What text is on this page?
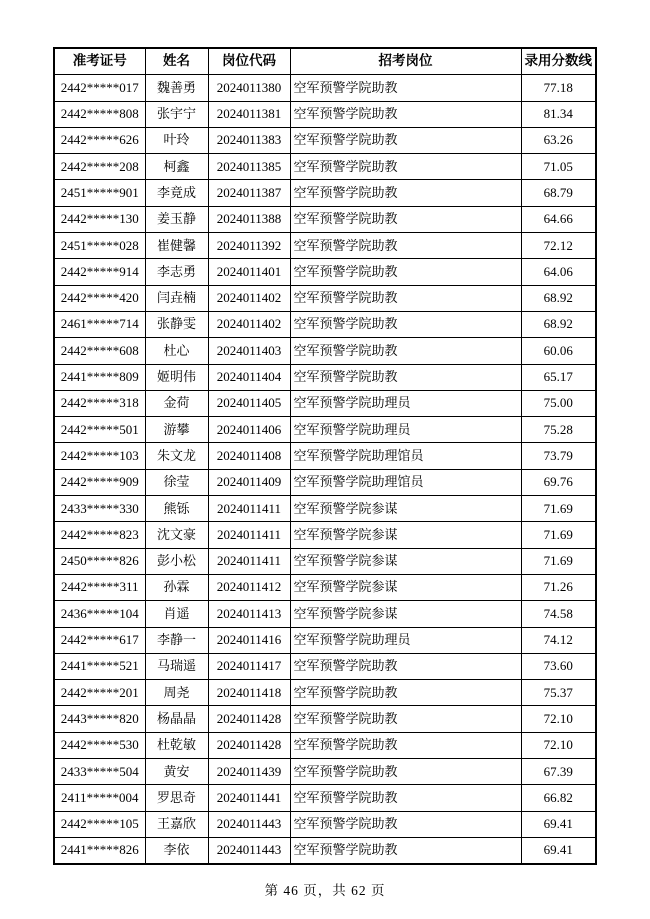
准考证号	姓名	岗位代码	招考岗位	录用分数线
2442*****017	魏善勇	2024011380	空军预警学院助教	77.18
2442*****808	张宇宁	2024011381	空军预警学院助教	81.34
2442*****626	叶玲	2024011383	空军预警学院助教	63.26
2442*****208	柯鑫	2024011385	空军预警学院助教	71.05
2451*****901	李竟成	2024011387	空军预警学院助教	68.79
2442*****130	姜玉静	2024011388	空军预警学院助教	64.66
2451*****028	崔健馨	2024011392	空军预警学院助教	72.12
2442*****914	李志勇	2024011401	空军预警学院助教	64.06
2442*****420	闫垚楠	2024011402	空军预警学院助教	68.92
2461*****714	张静雯	2024011402	空军预警学院助教	68.92
2442*****608	杜心	2024011403	空军预警学院助教	60.06
2441*****809	姬明伟	2024011404	空军预警学院助教	65.17
2442*****318	金荷	2024011405	空军预警学院助理员	75.00
2442*****501	游攀	2024011406	空军预警学院助理员	75.28
2442*****103	朱文龙	2024011408	空军预警学院助理馆员	73.79
2442*****909	徐莹	2024011409	空军预警学院助理馆员	69.76
2433*****330	熊铄	2024011411	空军预警学院参谋	71.69
2442*****823	沈文豪	2024011411	空军预警学院参谋	71.69
2450*****826	彭小松	2024011411	空军预警学院参谋	71.69
2442*****311	孙霖	2024011412	空军预警学院参谋	71.26
2436*****104	肖遥	2024011413	空军预警学院参谋	74.58
2442*****617	李静一	2024011416	空军预警学院助理员	74.12
2441*****521	马瑞遥	2024011417	空军预警学院助教	73.60
2442*****201	周尧	2024011418	空军预警学院助教	75.37
2443*****820	杨晶晶	2024011428	空军预警学院助教	72.10
2442*****530	杜乾敏	2024011428	空军预警学院助教	72.10
2433*****504	黄安	2024011439	空军预警学院助教	67.39
2411*****004	罗思奇	2024011441	空军预警学院助教	66.82
2442*****105	王嘉欣	2024011443	空军预警学院助教	69.41
2441*****826	李依	2024011443	空军预警学院助教	69.41
第 46 页，共 62 页
